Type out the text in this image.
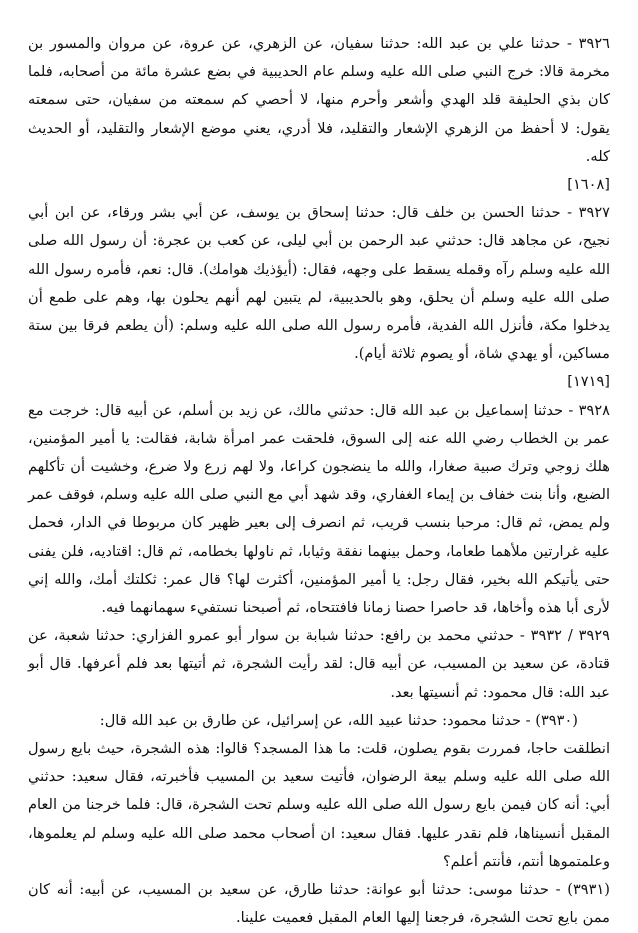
٣٩٢٦ - حدثنا علي بن عبد الله: حدثنا سفيان، عن الزهري، عن عروة، عن مروان والمسور بن مخرمة قالا: خرج النبي صلى الله عليه وسلم عام الحديبية في بضع عشرة مائة من أصحابه، فلما كان بذي الحليفة قلد الهدي وأشعر وأحرم منها، لا أحصي كم سمعته من سفيان، حتى سمعته يقول: لا أحفظ من الزهري الإشعار والتقليد، فلا أدري، يعني موضع الإشعار والتقليد، أو الحديث كله.

[١٦٠٨]

٣٩٢٧ - حدثنا الحسن بن خلف قال: حدثنا إسحاق بن يوسف، عن أبي بشر ورقاء، عن ابن أبي نجيح، عن مجاهد قال: حدثني عبد الرحمن بن أبي ليلى، عن كعب بن عجرة: أن رسول الله صلى الله عليه وسلم رآه وقمله يسقط على وجهه، فقال: (أيؤذيك هوامك). قال: نعم، فأمره رسول الله صلى الله عليه وسلم أن يحلق، وهو بالحديبية، لم يتبين لهم أنهم يحلون بها، وهم على طمع أن يدخلوا مكة، فأنزل الله الفدية، فأمره رسول الله صلى الله عليه وسلم: (أن يطعم فرقا بين ستة مساكين، أو يهدي شاة، أو يصوم ثلاثة أيام).

[١٧١٩]

٣٩٢٨ - حدثنا إسماعيل بن عبد الله قال: حدثني مالك، عن زيد بن أسلم، عن أبيه قال: خرجت مع عمر بن الخطاب رضي الله عنه إلى السوق، فلحقت عمر امرأة شابة، فقالت: يا أمير المؤمنين، هلك زوجي وترك صبية صغارا، والله ما ينضجون كراعا، ولا لهم زرع ولا ضرع، وخشيت أن تأكلهم الضبع، وأنا بنت خفاف بن إيماء الغفاري، وقد شهد أبي مع النبي صلى الله عليه وسلم، فوقف عمر ولم يمض، ثم قال: مرحبا بنسب قريب، ثم انصرف إلى بعير ظهير كان مربوطا في الدار، فحمل عليه غرارتين ملأهما طعاما، وحمل بينهما نفقة وثيابا، ثم ناولها بخطامه، ثم قال: اقتاديه، فلن يفنى حتى يأتيكم الله بخير، فقال رجل: يا أمير المؤمنين، أكثرت لها؟ قال عمر: ثكلتك أمك، والله إني لأرى أبا هذه وأخاها، قد حاصرا حصنا زمانا فافتتحاه، ثم أصبحنا نستفيء سهمانهما فيه.

٣٩٢٩ / ٣٩٣٢ - حدثني محمد بن رافع: حدثنا شبابة بن سوار أبو عمرو الفزاري: حدثنا شعبة، عن قتادة، عن سعيد بن المسيب، عن أبيه قال: لقد رأيت الشجرة، ثم أتيتها بعد فلم أعرفها. قال أبو عبد الله: قال محمود: ثم أنسيتها بعد.

(٣٩٣٠) - حدثنا محمود: حدثنا عبيد الله، عن إسرائيل، عن طارق بن عبد الله قال:

انطلقت حاجا، فمررت بقوم يصلون، قلت: ما هذا المسجد؟ قالوا: هذه الشجرة، حيث بايع رسول الله صلى الله عليه وسلم بيعة الرضوان، فأتيت سعيد بن المسيب فأخبرته، فقال سعيد: حدثني أبي: أنه كان فيمن بايع رسول الله صلى الله عليه وسلم تحت الشجرة، قال: فلما خرجنا من العام المقبل أنسيناها، فلم نقدر عليها. فقال سعيد: ان أصحاب محمد صلى الله عليه وسلم لم يعلموها، وعلمتموها أنتم، فأنتم أعلم؟

(٣٩٣١) - حدثنا موسى: حدثنا أبو عوانة: حدثنا طارق، عن سعيد بن المسيب، عن أبيه: أنه كان ممن بايع تحت الشجرة، فرجعنا إليها العام المقبل فعميت علينا.
